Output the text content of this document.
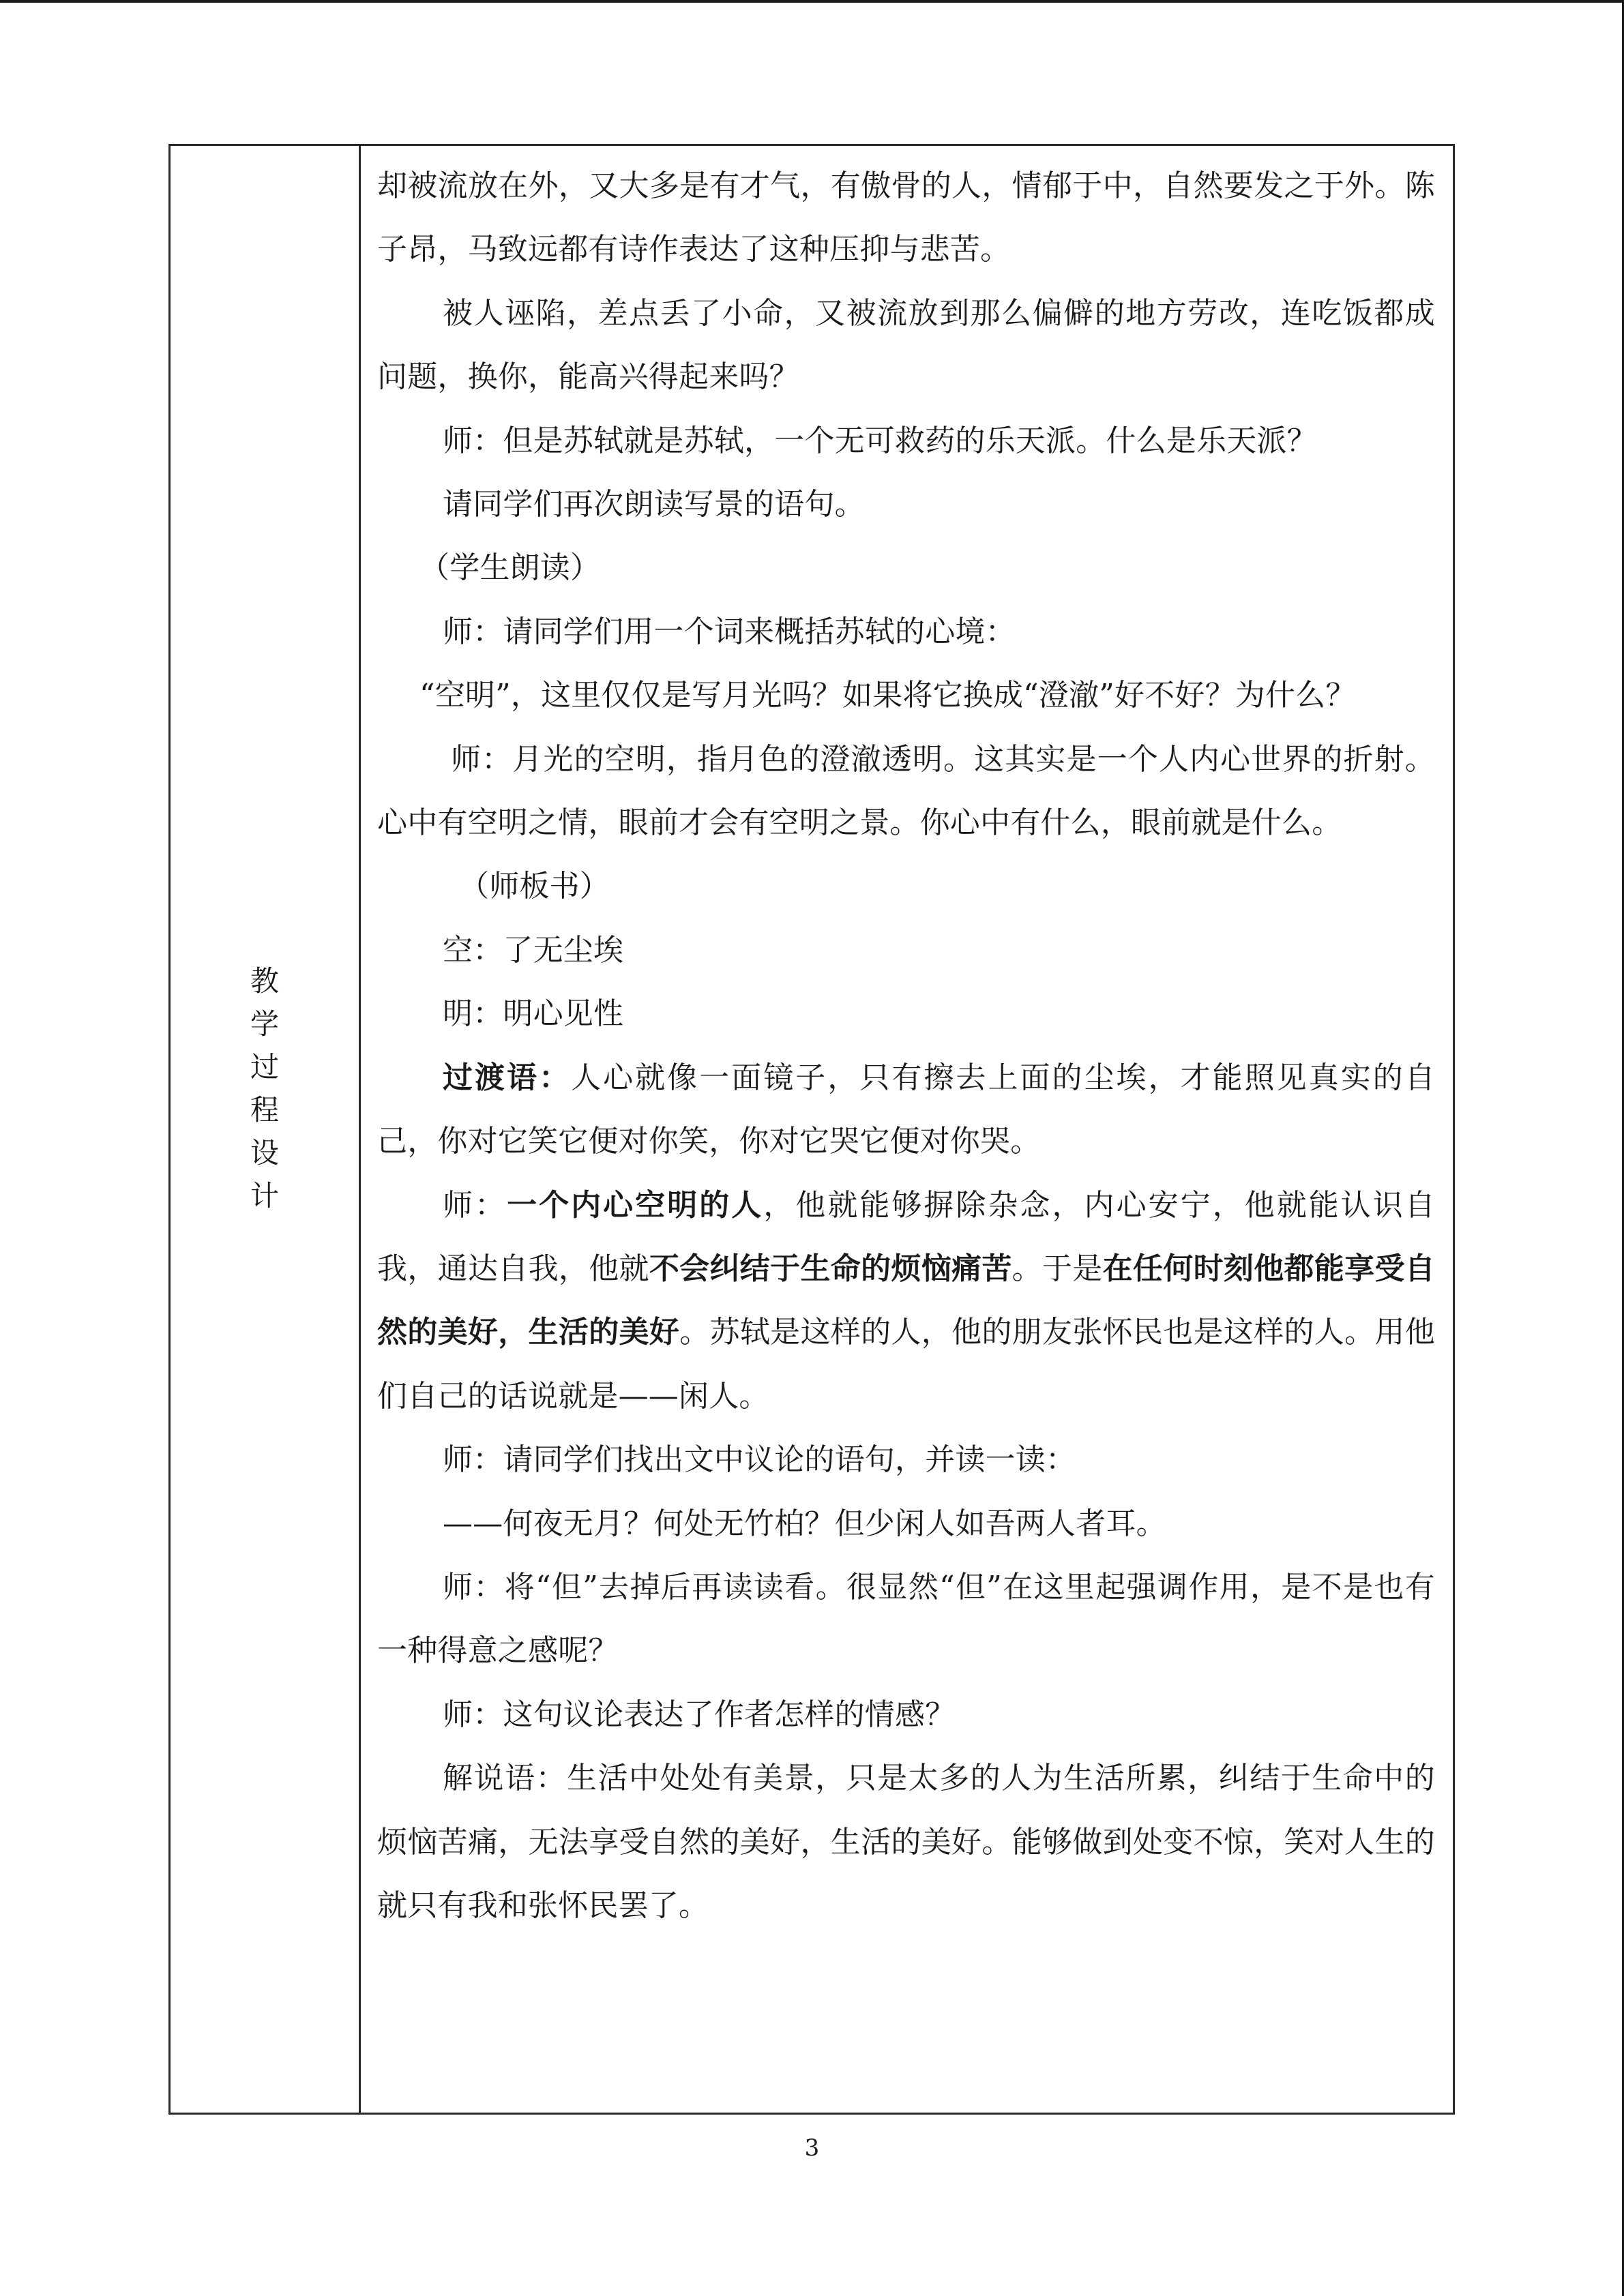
教
学
过
程
设
计

却被流放在外，又大多是有才气，有傲骨的人，情郁于中，自然要发之于外。陈子昂，马致远都有诗作表达了这种压抑与悲苦。

被人诬陷，差点丢了小命，又被流放到那么偏僻的地方劳改，连吃饭都成问题，换你，能高兴得起来吗？

师：但是苏轼就是苏轼，一个无可救药的乐天派。什么是乐天派？

请同学们再次朗读写景的语句。

（学生朗读）

师：请同学们用一个词来概括苏轼的心境：

“空明”，这里仅仅是写月光吗？如果将它换成“澄澈”好不好？为什么？

师：月光的空明，指月色的澄澈透明。这其实是一个人内心世界的折射。心中有空明之情，眼前才会有空明之景。你心中有什么，眼前就是什么。

（师板书）

空：了无尘埃

明：明心见性

过渡语：人心就像一面镜子，只有擦去上面的尘埃，才能照见真实的自己，你对它笑它便对你笑，你对它哭它便对你哭。

师：一个内心空明的人，他就能够摒除杂念，内心安宁，他就能认识自我，通达自我，他就不会纠结于生命的烦恼痛苦。于是在任何时刻他都能享受自然的美好，生活的美好。苏轼是这样的人，他的朋友张怀民也是这样的人。用他们自己的话说就是——闲人。

师：请同学们找出文中议论的语句，并读一读：

——何夜无月？何处无竹柏？但少闲人如吾两人者耳。

师：将“但”去掉后再读读看。很显然“但”在这里起强调作用，是不是也有一种得意之感呢？

师：这句议论表达了作者怎样的情感？

解说语：生活中处处有美景，只是太多的人为生活所累，纠结于生命中的烦恼苦痛，无法享受自然的美好，生活的美好。能够做到处变不惊，笑对人生的就只有我和张怀民罢了。

3
